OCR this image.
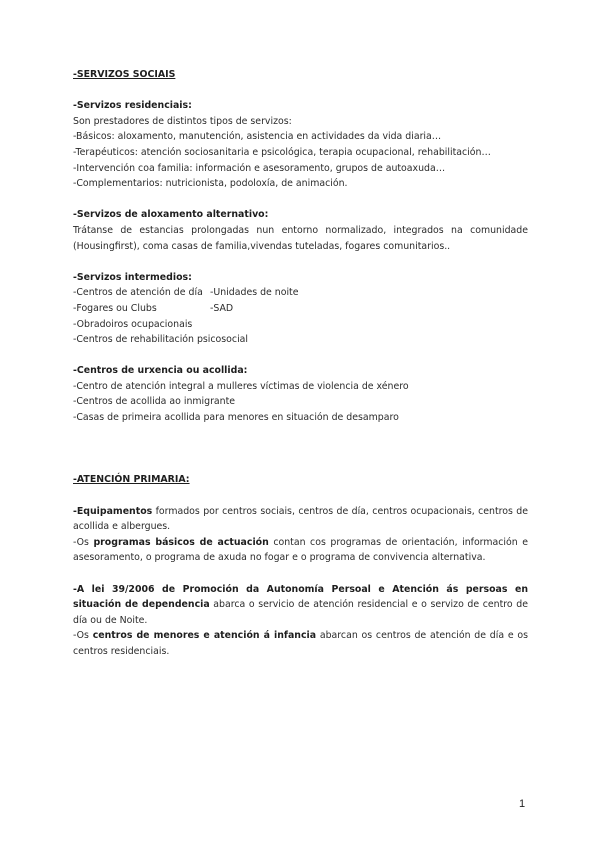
-SERVIZOS SOCIAIS
-Servizos residenciais:
Son prestadores de distintos tipos de servizos:
-Básicos: aloxamento, manutención, asistencia en actividades da vida diaria…
-Terapéuticos: atención sociosanitaria e psicológica, terapia ocupacional, rehabilitación…
-Intervención coa familia: información e asesoramento, grupos de autoaxuda…
-Complementarios: nutricionista, podoloxía, de animación.
-Servizos de aloxamento alternativo:
Trátanse de estancias prolongadas nun entorno normalizado, integrados na comunidade (Housingfirst), coma casas de familia,vivendas tuteladas, fogares comunitarios..
-Servizos intermedios:
-Centros de atención de día -Unidades de noite
-Fogares ou Clubs	-SAD
-Obradoiros ocupacionais
-Centros de rehabilitación psicosocial
-Centros de urxencia ou acollida:
-Centro de atención integral a mulleres víctimas de violencia de xénero
-Centros de acollida ao inmigrante
-Casas de primeira acollida para menores en situación de desamparo
-ATENCIÓN PRIMARIA:
-Equipamentos formados por centros sociais, centros de día, centros ocupacionais, centros de acollida e albergues.
-Os programas básicos de actuación contan cos programas de orientación, información e asesoramento, o programa de axuda no fogar e o programa de convivencia alternativa.
-A lei 39/2006 de Promoción da Autonomía Persoal e Atención ás persoas en situación de dependencia abarca o servicio de atención residencial e o servizo de centro de día ou de Noite.
-Os centros de menores e atención á infancia abarcan os centros de atención de día e os centros residenciais.
1
